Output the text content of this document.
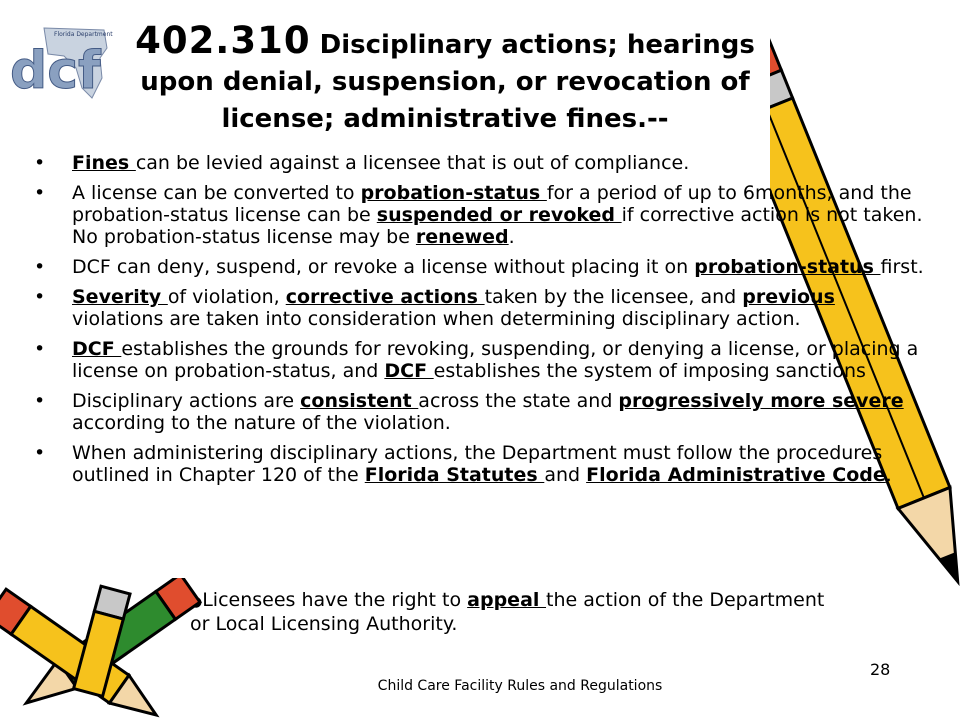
dcf
Florida Department 402.310 Disciplinary actions; hearings upon denial, suspension, or revocation of license; administrative fines.--
• Fines can be levied against a licensee that is out of compliance.
• A license can be converted to probation-status for a period of up to 6months, and the probation-status license can be suspended or revoked if corrective action is not taken. No probation-status license may be renewed.
• DCF can deny, suspend, or revoke a license without placing it on probation-status first.
• Severity of violation, corrective actions taken by the licensee, and previous violations are taken into consideration when determining disciplinary action.
• DCF establishes the grounds for revoking, suspending, or denying a license, or placing a license on probation-status, and DCF establishes the system of imposing sanctions
• Disciplinary actions are consistent across the state and progressively more severe according to the nature of the violation.
• When administering disciplinary actions, the Department must follow the procedures outlined in Chapter 120 of the Florida Statutes and Florida Administrative Code.
Licensees have the right to appeal the action of the Department or Local Licensing Authority.
Child Care Facility Rules and Regulations
28
